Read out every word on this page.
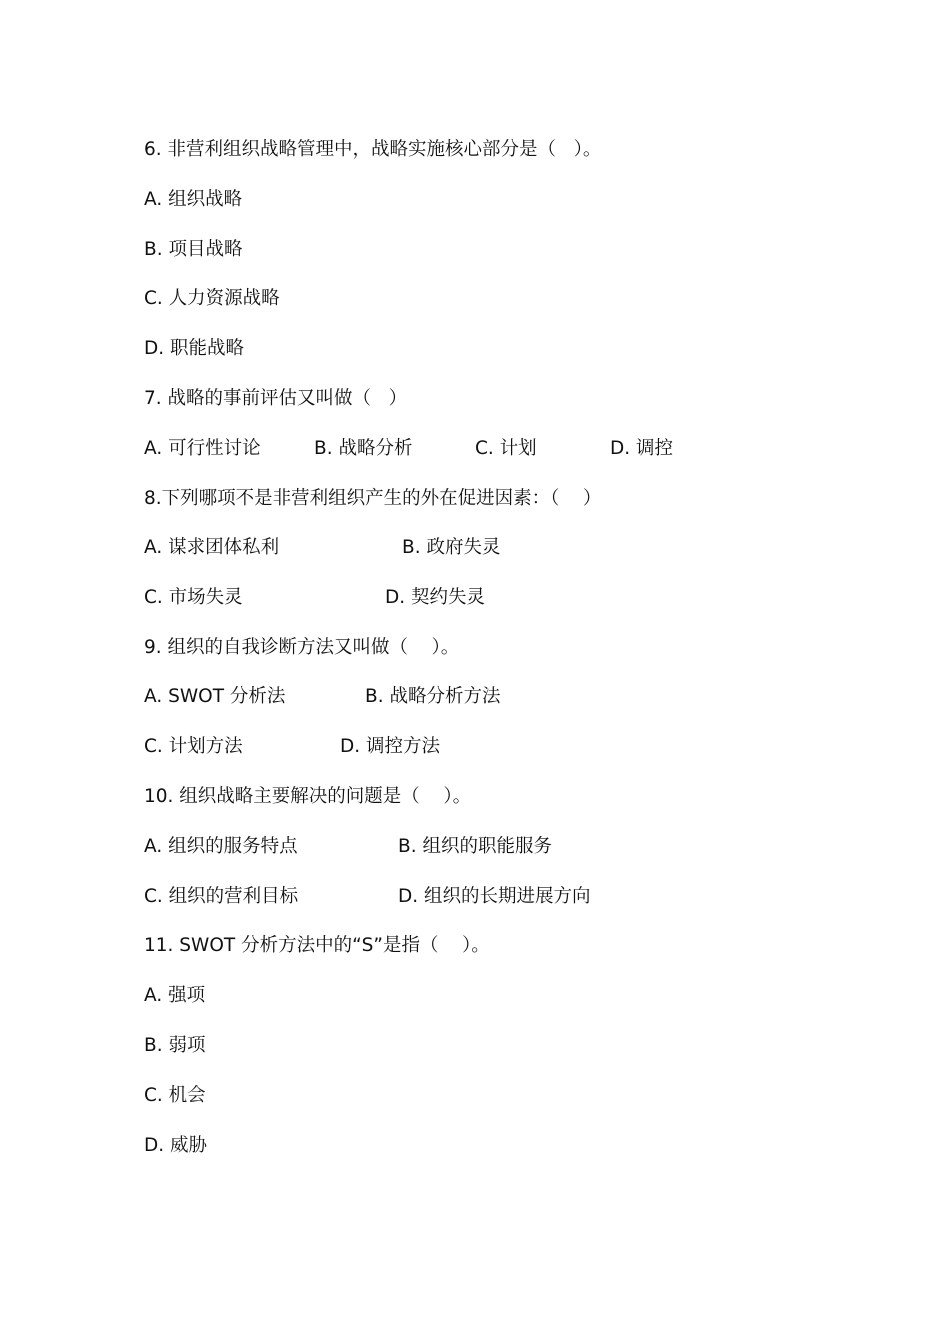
6. 非营利组织战略管理中，战略实施核心部分是（   ）。
A. 组织战略
B. 项目战略
C. 人力资源战略
D. 职能战略
7. 战略的事前评估又叫做（   ）

A. 可行性讨论

	B. 战略分析

	C. 计划

	D. 调控

8.下列哪项不是非营利组织产生的外在促进因素：（    ）

A. 谋求团体私利

	B. 政府失灵

C. 市场失灵

	D. 契约失灵

9. 组织的自我诊断方法又叫做（    ）。

A. SWOT 分析法

	B. 战略分析方法

C. 计划方法

	D. 调控方法

10. 组织战略主要解决的问题是（    ）。

A. 组织的服务特点

	B. 组织的职能服务

C. 组织的营利目标

	D. 组织的长期进展方向

11. SWOT 分析方法中的“S”是指（    ）。
A. 强项
B. 弱项
C. 机会
D. 威胁
